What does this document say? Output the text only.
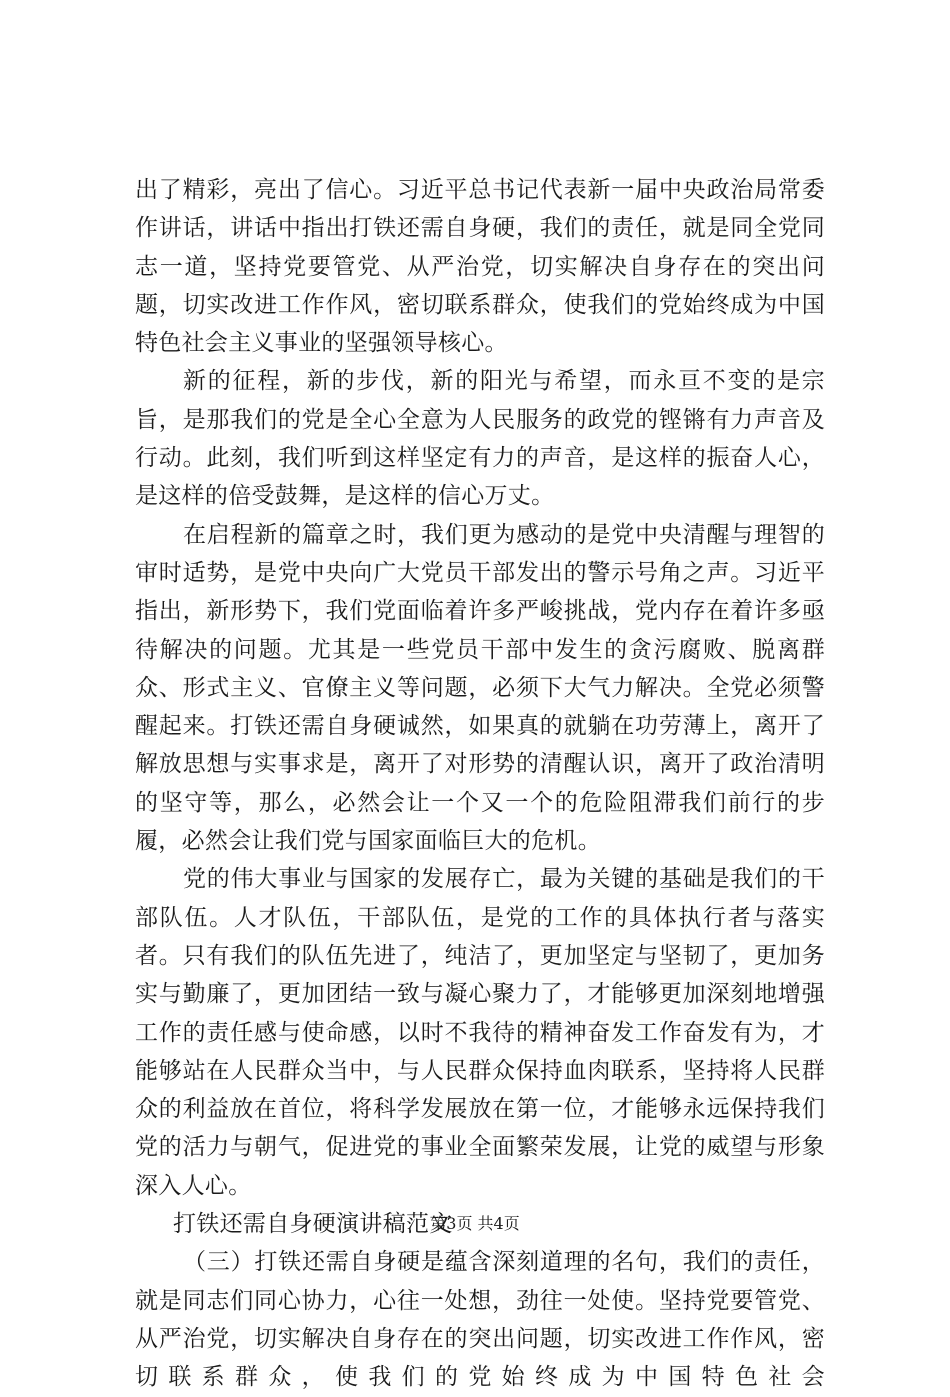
出了精彩，亮出了信心。习近平总书记代表新一届中央政治局常委作讲话，讲话中指出打铁还需自身硬，我们的责任，就是同全党同志一道，坚持党要管党、从严治党，切实解决自身存在的突出问题，切实改进工作作风，密切联系群众，使我们的党始终成为中国特色社会主义事业的坚强领导核心。

新的征程，新的步伐，新的阳光与希望，而永亘不变的是宗旨，是那我们的党是全心全意为人民服务的政党的铿锵有力声音及行动。此刻，我们听到这样坚定有力的声音，是这样的振奋人心，是这样的倍受鼓舞，是这样的信心万丈。

在启程新的篇章之时，我们更为感动的是党中央清醒与理智的审时适势，是党中央向广大党员干部发出的警示号角之声。习近平指出，新形势下，我们党面临着许多严峻挑战，党内存在着许多亟待解决的问题。尤其是一些党员干部中发生的贪污腐败、脱离群众、形式主义、官僚主义等问题，必须下大气力解决。全党必须警醒起来。打铁还需自身硬诚然，如果真的就躺在功劳薄上，离开了解放思想与实事求是，离开了对形势的清醒认识，离开了政治清明的坚守等，那么，必然会让一个又一个的危险阻滞我们前行的步履，必然会让我们党与国家面临巨大的危机。

党的伟大事业与国家的发展存亡，最为关键的基础是我们的干部队伍。人才队伍，干部队伍，是党的工作的具体执行者与落实者。只有我们的队伍先进了，纯洁了，更加坚定与坚韧了，更加务实与勤廉了，更加团结一致与凝心聚力了，才能够更加深刻地增强工作的责任感与使命感，以时不我待的精神奋发工作奋发有为，才能够站在人民群众当中，与人民群众保持血肉联系，坚持将人民群众的利益放在首位，将科学发展放在第一位，才能够永远保持我们党的活力与朝气，促进党的事业全面繁荣发展，让党的威望与形象深入人心。

打铁还需自身硬演讲稿范文

（三）打铁还需自身硬是蕴含深刻道理的名句，我们的责任，就是同志们同心协力，心往一处想，劲往一处使。坚持党要管党、从严治党，切实解决自身存在的突出问题，切实改进工作作风，密切联系群众，使我们的党始终成为中国特色社会

第3页 共4页
